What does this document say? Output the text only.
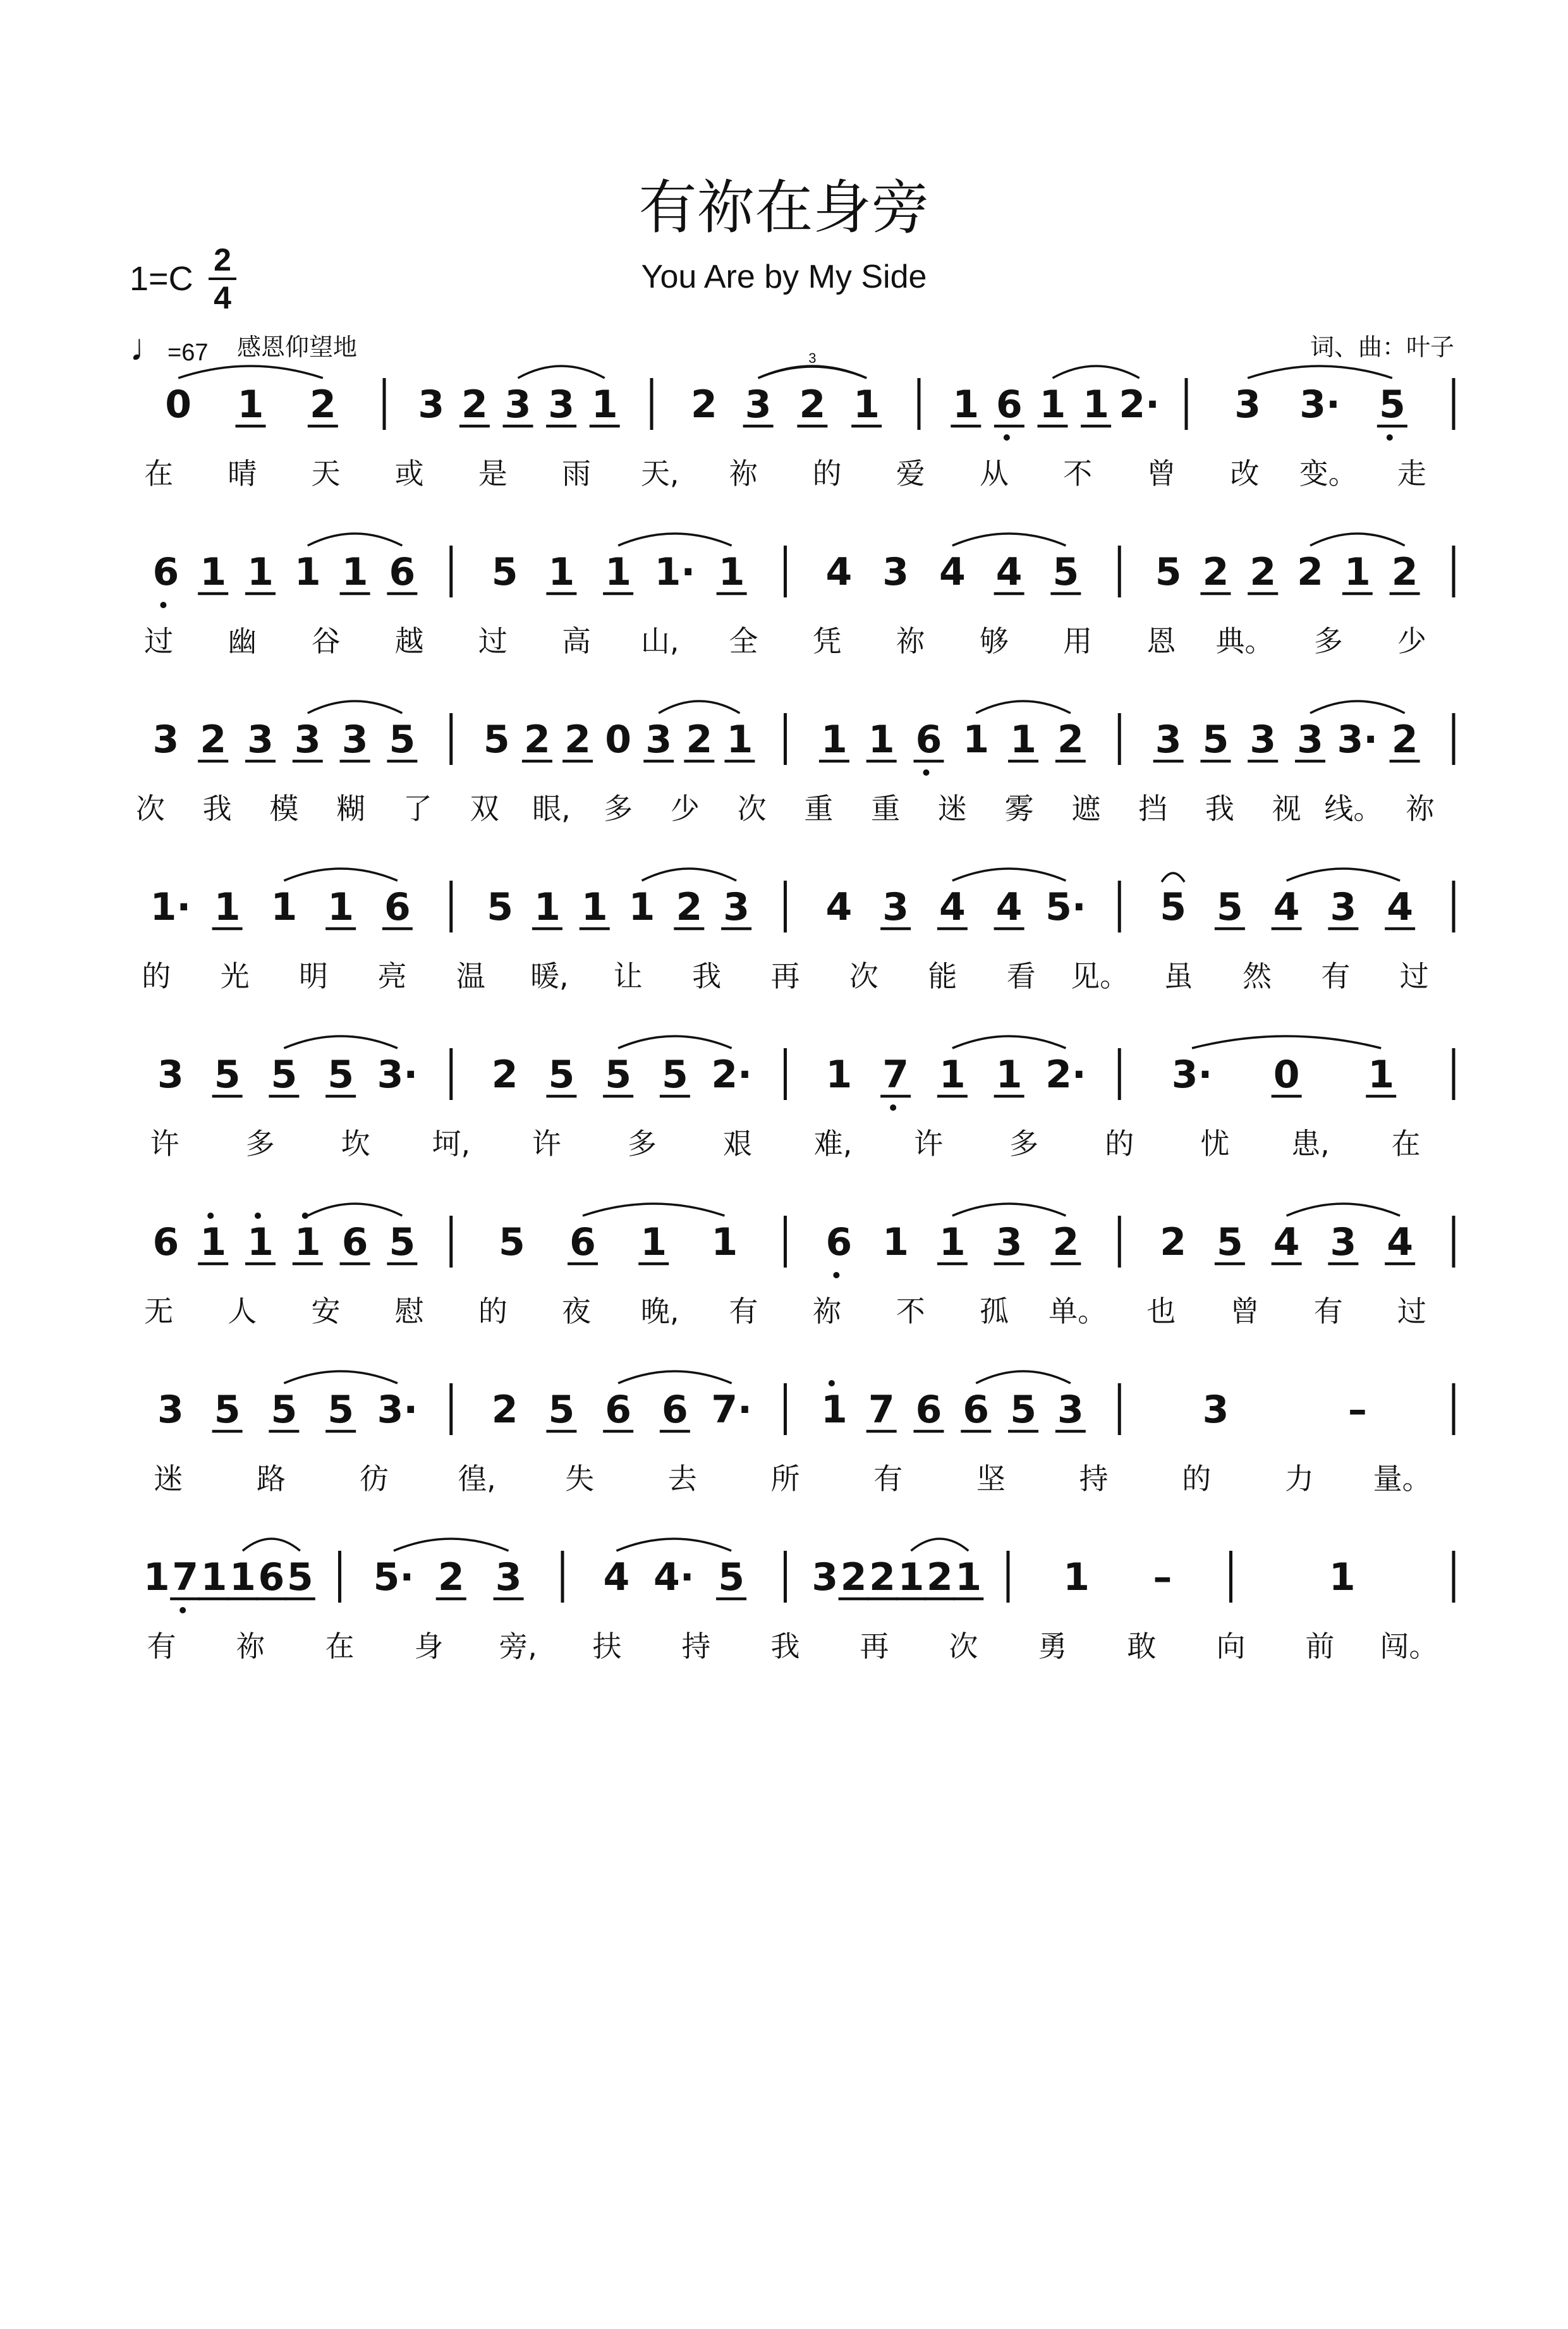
有祢在身旁
You Are by My Side
1=C 2
4
♩=67 感恩仰望地	词、曲：叶子
0 1 2 3 2 3 3 1 2 3 2 1
3
1 6 1 1 2· 3 3· 5
在 晴 天 或 是 雨 天, 祢 的 爱 从 不 曾 改 变。 走
6 1 1 1 1 6 5 1 1 1· 1 4 3 4 4 5 5 2 2 2 1 2
过 幽 谷 越 过 高 山, 全 凭 祢 够 用 恩 典。 多 少
3 2 3 3 3 5 5 2 2 0 3 2 1 1 1 6 1 1 2 3 5 3 3 3· 2
次 我 模 糊 了 双 眼, 多 少 次 重 重 迷 雾 遮 挡 我 视 线。 祢
1· 1 1 1 6 5 1 1 1 2 3 4 3 4 4 5· 5 5 4 3 4
的 光 明 亮 温 暖, 让 我 再 次 能 看 见。 虽 然 有 过
3 5 5 5 3· 2 5 5 5 2· 1 7 1 1 2· 3· 0 1
许 多 坎 坷, 许 多 艰 难, 许 多 的 忧 患, 在
6 1 1 1 6 5 5 6 1 1 6 1 1 3 2 2 5 4 3 4
无 人 安 慰 的 夜 晚, 有 祢 不 孤 单。 也 曾 有 过
3 5 5 5 3· 2 5 6 6 7· 1 7 6 6 5 3	3	–
迷	路	彷 徨, 失	去	所	有	坚	持	的	力 量。
1 7 1 1 6 5 5· 2 3 4 4· 5 3 2 2 1 2 1 1 –	1
有 祢 在 身 旁, 扶 持 我 再 次 勇 敢 向 前 闯。
